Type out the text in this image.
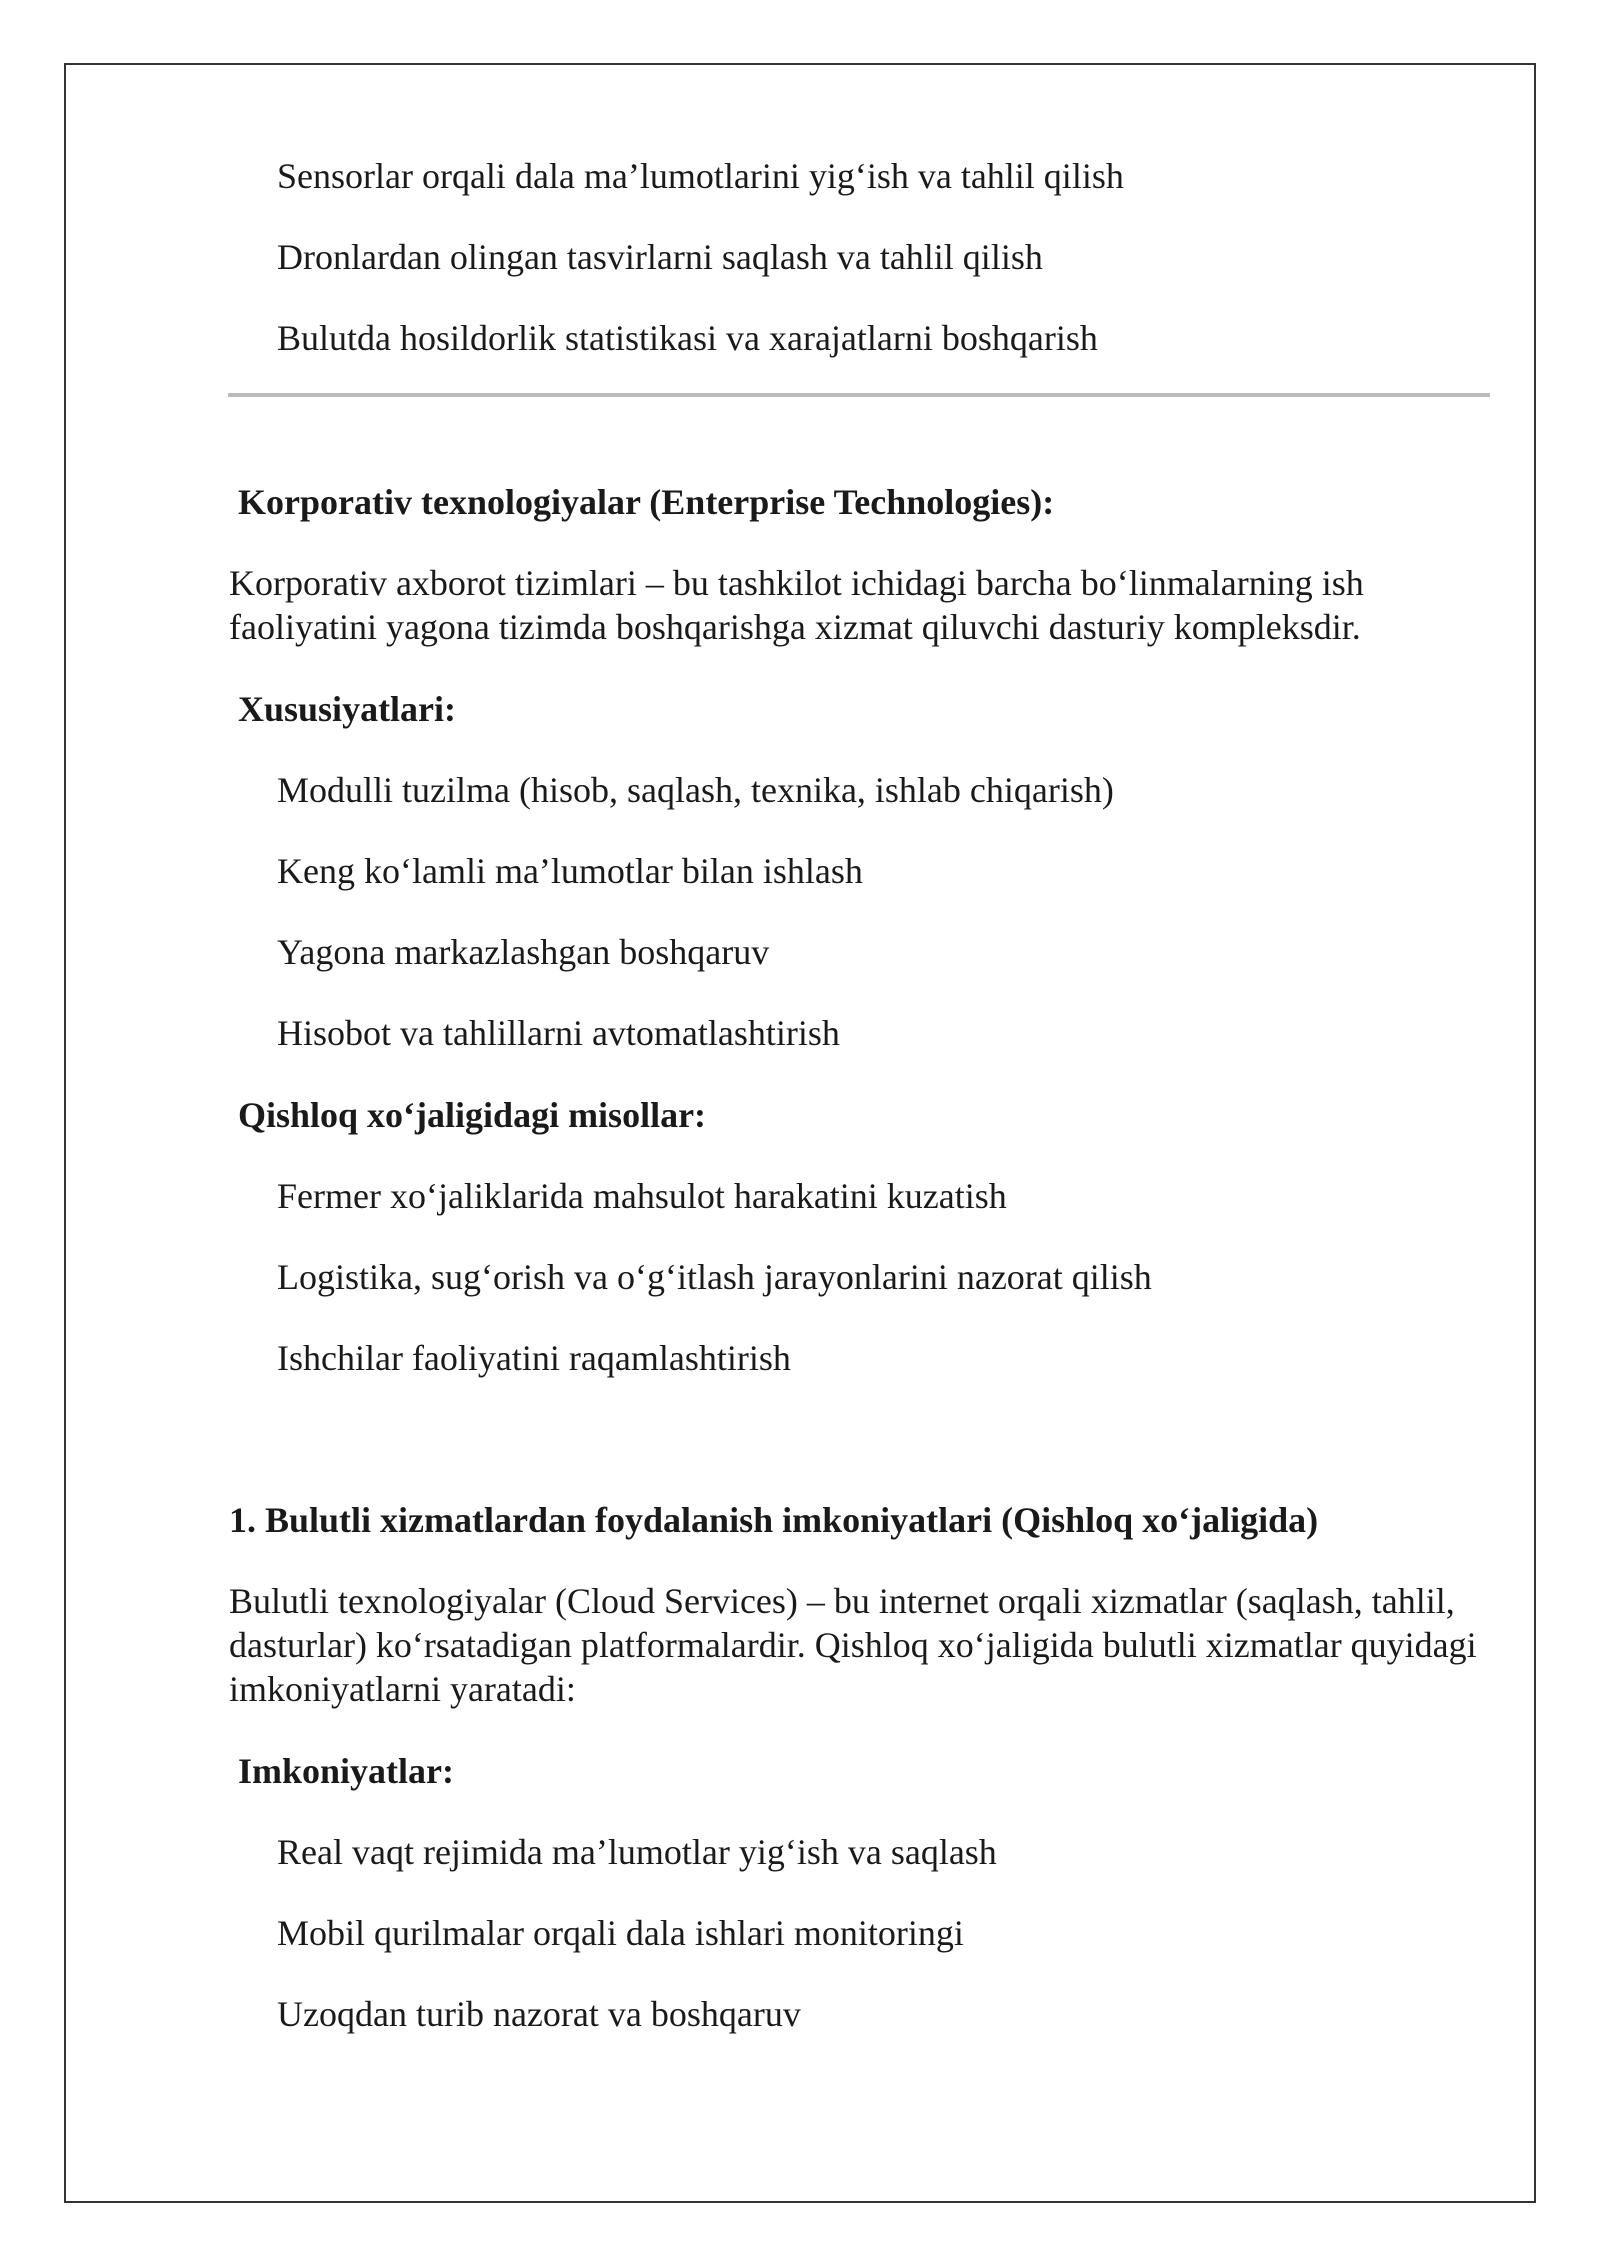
Sensorlar orqali dala ma’lumotlarini yig‘ish va tahlil qilish

Dronlardan olingan tasvirlarni saqlash va tahlil qilish

Bulutda hosildorlik statistikasi va xarajatlarni boshqarish

Korporativ texnologiyalar (Enterprise Technologies):

Korporativ axborot tizimlari – bu tashkilot ichidagi barcha bo‘linmalarning ish faoliyatini yagona tizimda boshqarishga xizmat qiluvchi dasturiy kompleksdir.

Xususiyatlari:

Modulli tuzilma (hisob, saqlash, texnika, ishlab chiqarish)

Keng ko‘lamli ma’lumotlar bilan ishlash

Yagona markazlashgan boshqaruv

Hisobot va tahlillarni avtomatlashtirish

Qishloq xo‘jaligidagi misollar:

Fermer xo‘jaliklarida mahsulot harakatini kuzatish

Logistika, sug‘orish va o‘g‘itlash jarayonlarini nazorat qilish

Ishchilar faoliyatini raqamlashtirish

1. Bulutli xizmatlardan foydalanish imkoniyatlari (Qishloq xo‘jaligida)

Bulutli texnologiyalar (Cloud Services) – bu internet orqali xizmatlar (saqlash, tahlil, dasturlar) ko‘rsatadigan platformalardir. Qishloq xo‘jaligida bulutli xizmatlar quyidagi imkoniyatlarni yaratadi:

Imkoniyatlar:

Real vaqt rejimida ma’lumotlar yig‘ish va saqlash

Mobil qurilmalar orqali dala ishlari monitoringi

Uzoqdan turib nazorat va boshqaruv
